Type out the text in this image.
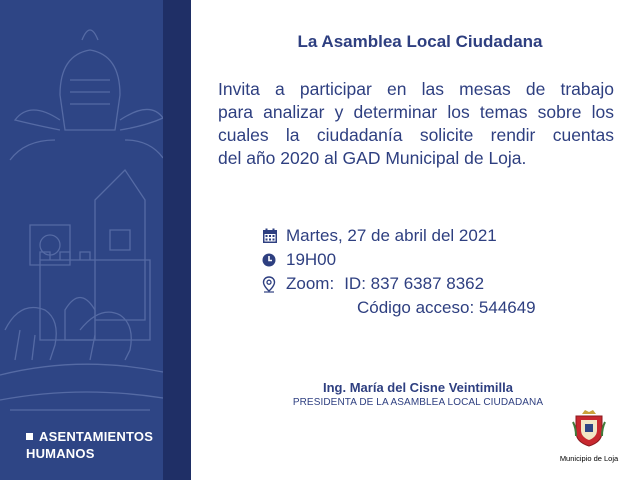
ASENTAMIENTOS
HUMANOS
La Asamblea Local Ciudadana
Invita a participar en las mesas de trabajo
para analizar y determinar los temas sobre los
cuales la ciudadanía solicite rendir cuentas
del año 2020 al GAD Municipal de Loja.
Martes, 27 de abril del 2021
19H00
Zoom: ID: 837 6387 8362
Código acceso: 544649
Ing. María del Cisne Veintimilla
PRESIDENTA DE LA ASAMBLEA LOCAL CIUDADANA
Municipio de Loja
